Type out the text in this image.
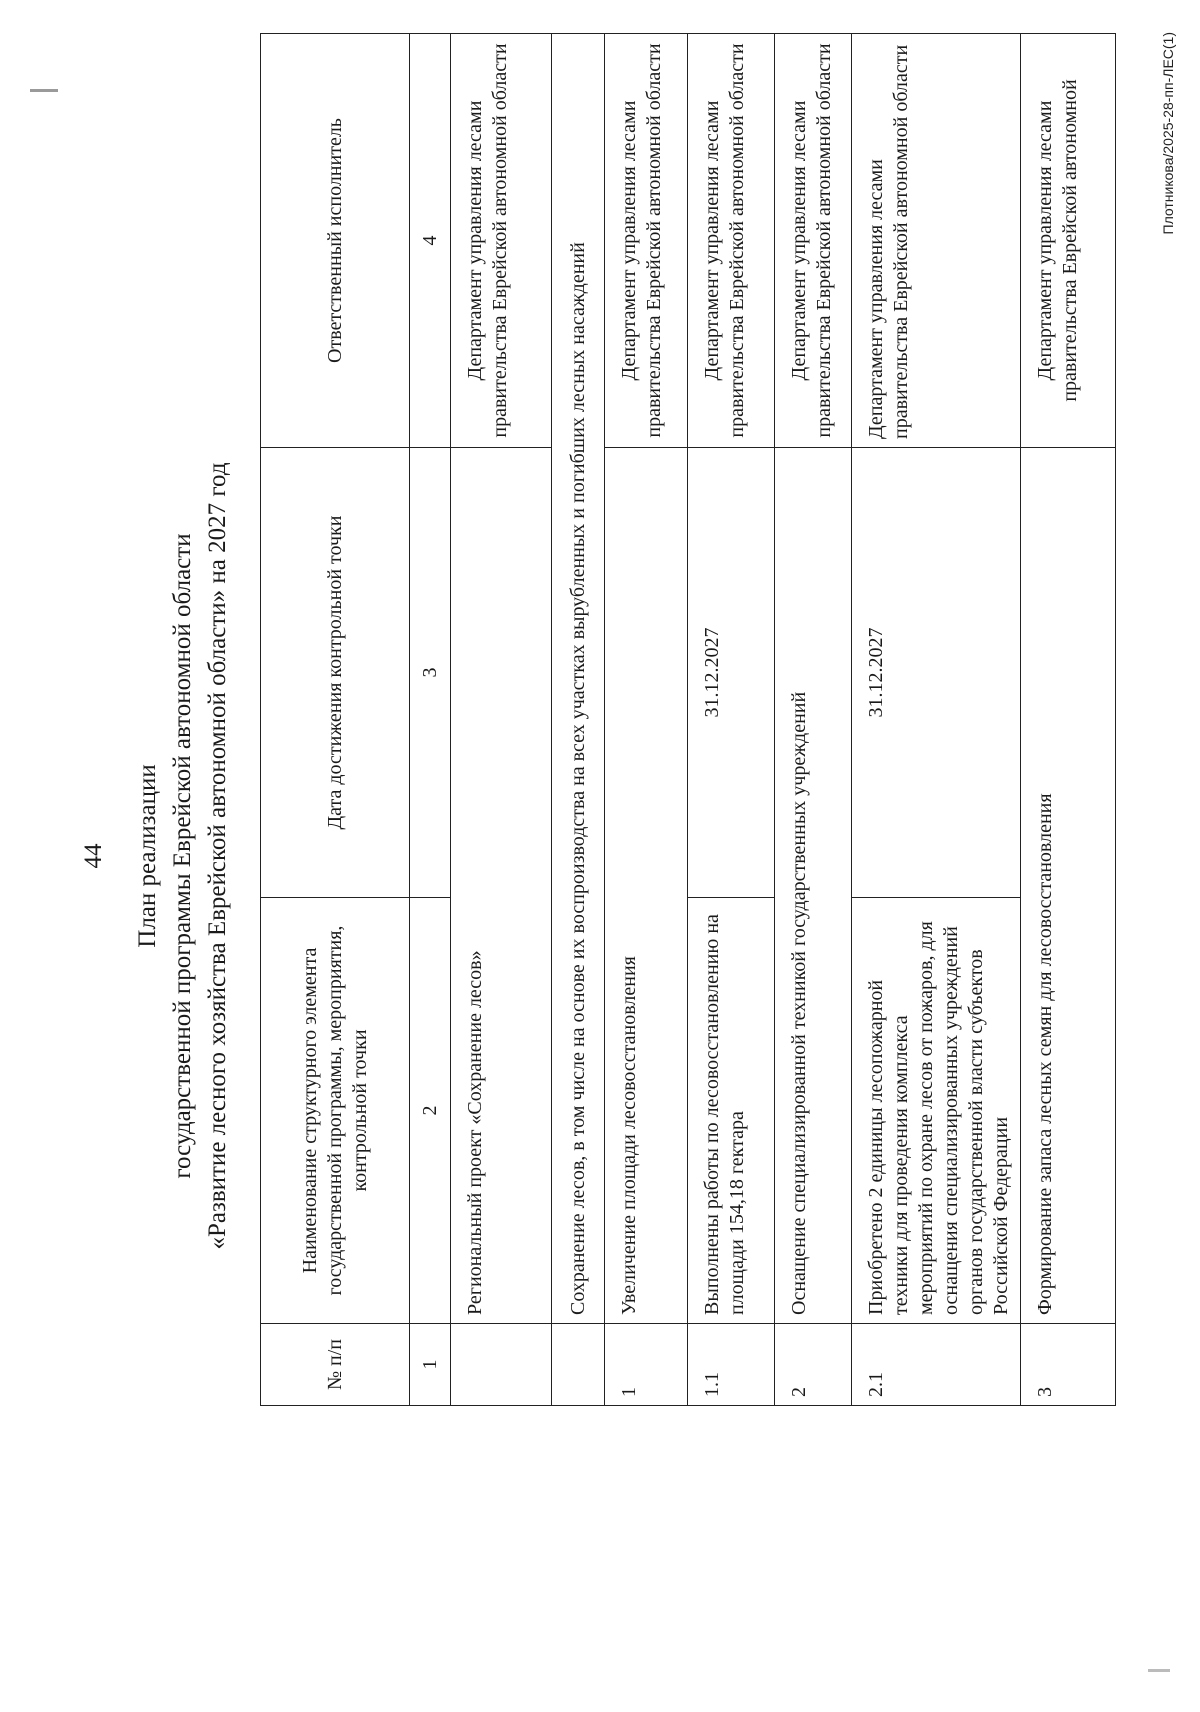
44 План реализации государственной программы Еврейской автономной области «Развитие лесного хозяйства Еврейской автономной области» на 2027 год
№ п/п	Наименование структурного элемента государственной программы, мероприятия, контрольной точки	Дата достижения контрольной точки	Ответственный исполнитель
1	2	3	4
	Региональный проект «Сохранение лесов»		Департамент управления лесами правительства Еврейской автономной области
	Сохранение лесов, в том числе на основе их воспроизводства на всех участках вырубленных и погибших лесных насаждений		
1	Увеличение площади лесовосстановления		Департамент управления лесами правительства Еврейской автономной области
1.1	Выполнены работы по лесовосстановлению на площади 154,18 гектара	31.12.2027	Департамент управления лесами правительства Еврейской автономной области
2	Оснащение специализированной техникой государственных учреждений		Департамент управления лесами правительства Еврейской автономной области
2.1	Приобретено 2 единицы лесопожарной техники для проведения комплекса мероприятий по охране лесов от пожаров, для оснащения специализированных учреждений органов государственной власти субъектов Российской Федерации	31.12.2027	Департамент управления лесами правительства Еврейской автономной области
3	Формирование запаса лесных семян для лесовосстановления		Департамент управления лесами правительства Еврейской автономной	Плотникова/2025-28-пп-ЛЕС(1)
